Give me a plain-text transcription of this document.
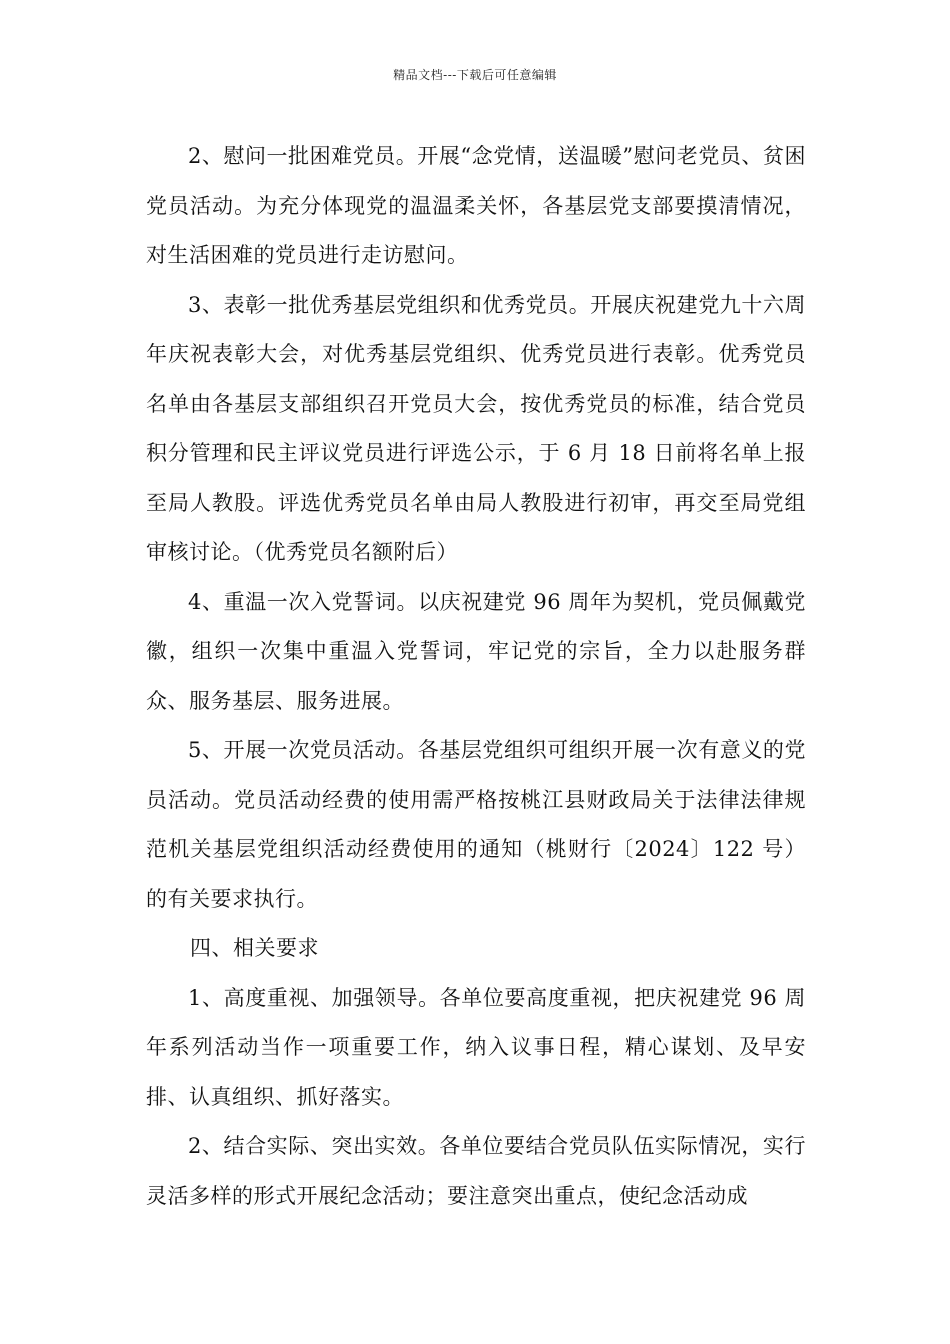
精品文档---下载后可任意编辑

2、慰问一批困难党员。开展“念党情，送温暖”慰问老党员、贫困党员活动。为充分体现党的温温柔关怀，各基层党支部要摸清情况，对生活困难的党员进行走访慰问。

3、表彰一批优秀基层党组织和优秀党员。开展庆祝建党九十六周年庆祝表彰大会，对优秀基层党组织、优秀党员进行表彰。优秀党员名单由各基层支部组织召开党员大会，按优秀党员的标准，结合党员积分管理和民主评议党员进行评选公示，于 6 月 18 日前将名单上报至局人教股。评选优秀党员名单由局人教股进行初审，再交至局党组审核讨论。（优秀党员名额附后）

4、重温一次入党誓词。以庆祝建党 96 周年为契机，党员佩戴党徽，组织一次集中重温入党誓词，牢记党的宗旨，全力以赴服务群众、服务基层、服务进展。

5、开展一次党员活动。各基层党组织可组织开展一次有意义的党员活动。党员活动经费的使用需严格按桃江县财政局关于法律法律规范机关基层党组织活动经费使用的通知（桃财行〔2024〕122 号）的有关要求执行。

四、相关要求

1、高度重视、加强领导。各单位要高度重视，把庆祝建党 96 周年系列活动当作一项重要工作，纳入议事日程，精心谋划、及早安排、认真组织、抓好落实。

2、结合实际、突出实效。各单位要结合党员队伍实际情况，实行灵活多样的形式开展纪念活动；要注意突出重点，使纪念活动成
